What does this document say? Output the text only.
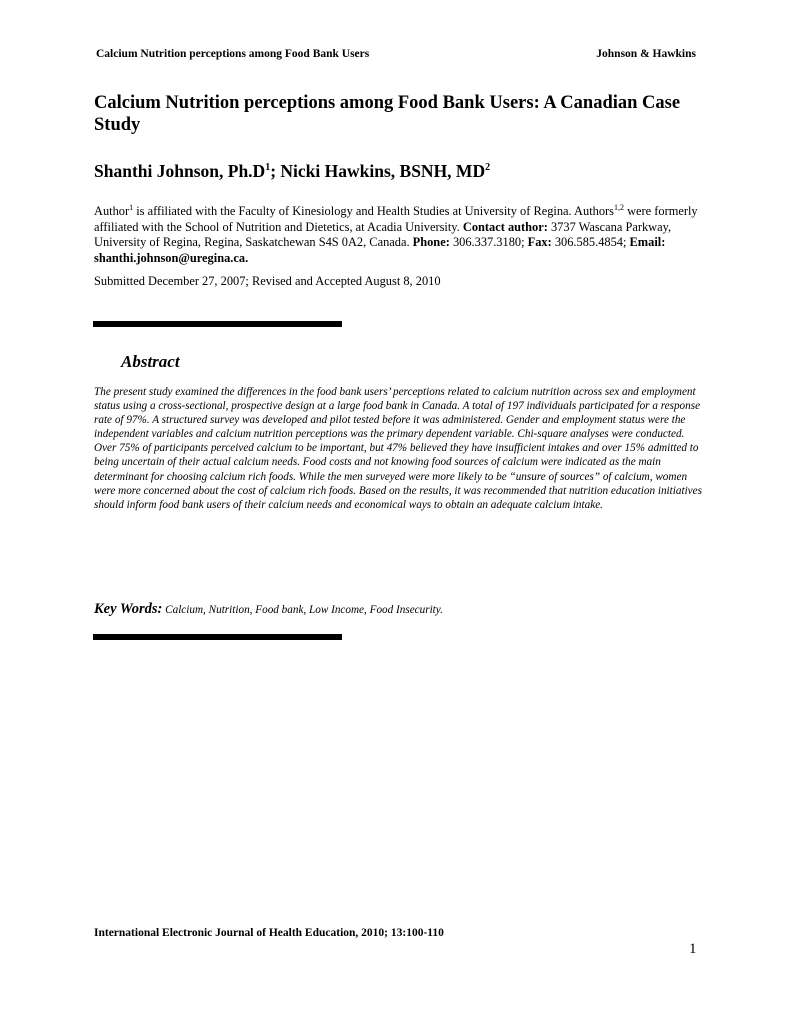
Calcium Nutrition perceptions among Food Bank Users	Johnson & Hawkins
Calcium Nutrition perceptions among Food Bank Users: A Canadian Case Study
Shanthi Johnson, $Ph.D^1$; Nicki Hawkins, BSNH, $MD^2$

Author$^1$ is affiliated with the Faculty of Kinesiology and Health Studies at University of Regina. Authors$^{1,2}$ were formerly affiliated with the School of Nutrition and Dietetics, at Acadia University. Contact author: 3737 Wascana Parkway, University of Regina, Regina, Saskatchewan S4S 0A2, Canada. Phone: 306.337.3180; Fax: 306.585.4854; Email: shanthi.johnson@uregina.ca.

Submitted December 27, 2007; Revised and Accepted August 8, 2010

Abstract

The present study examined the differences in the food bank users’ perceptions related to calcium nutrition across sex and employment status using a cross-sectional, prospective design at a large food bank in Canada. A total of 197 individuals participated for a response rate of 97%. A structured survey was developed and pilot tested before it was administered. Gender and employment status were the independent variables and calcium nutrition perceptions was the primary dependent variable. Chi-square analyses were conducted. Over 75% of participants perceived calcium to be important, but 47% believed they have insufficient intakes and over 15% admitted to being uncertain of their actual calcium needs. Food costs and not knowing food sources of calcium were indicated as the main determinant for choosing calcium rich foods. While the men surveyed were more likely to be “unsure of sources” of calcium, women were more concerned about the cost of calcium rich foods. Based on the results, it was recommended that nutrition education initiatives should inform food bank users of their calcium needs and economical ways to obtain an adequate calcium intake.

Key Words: Calcium, Nutrition, Food bank, Low Income, Food Insecurity.

International Electronic Journal of Health Education, 2010; 13:100-110
1
